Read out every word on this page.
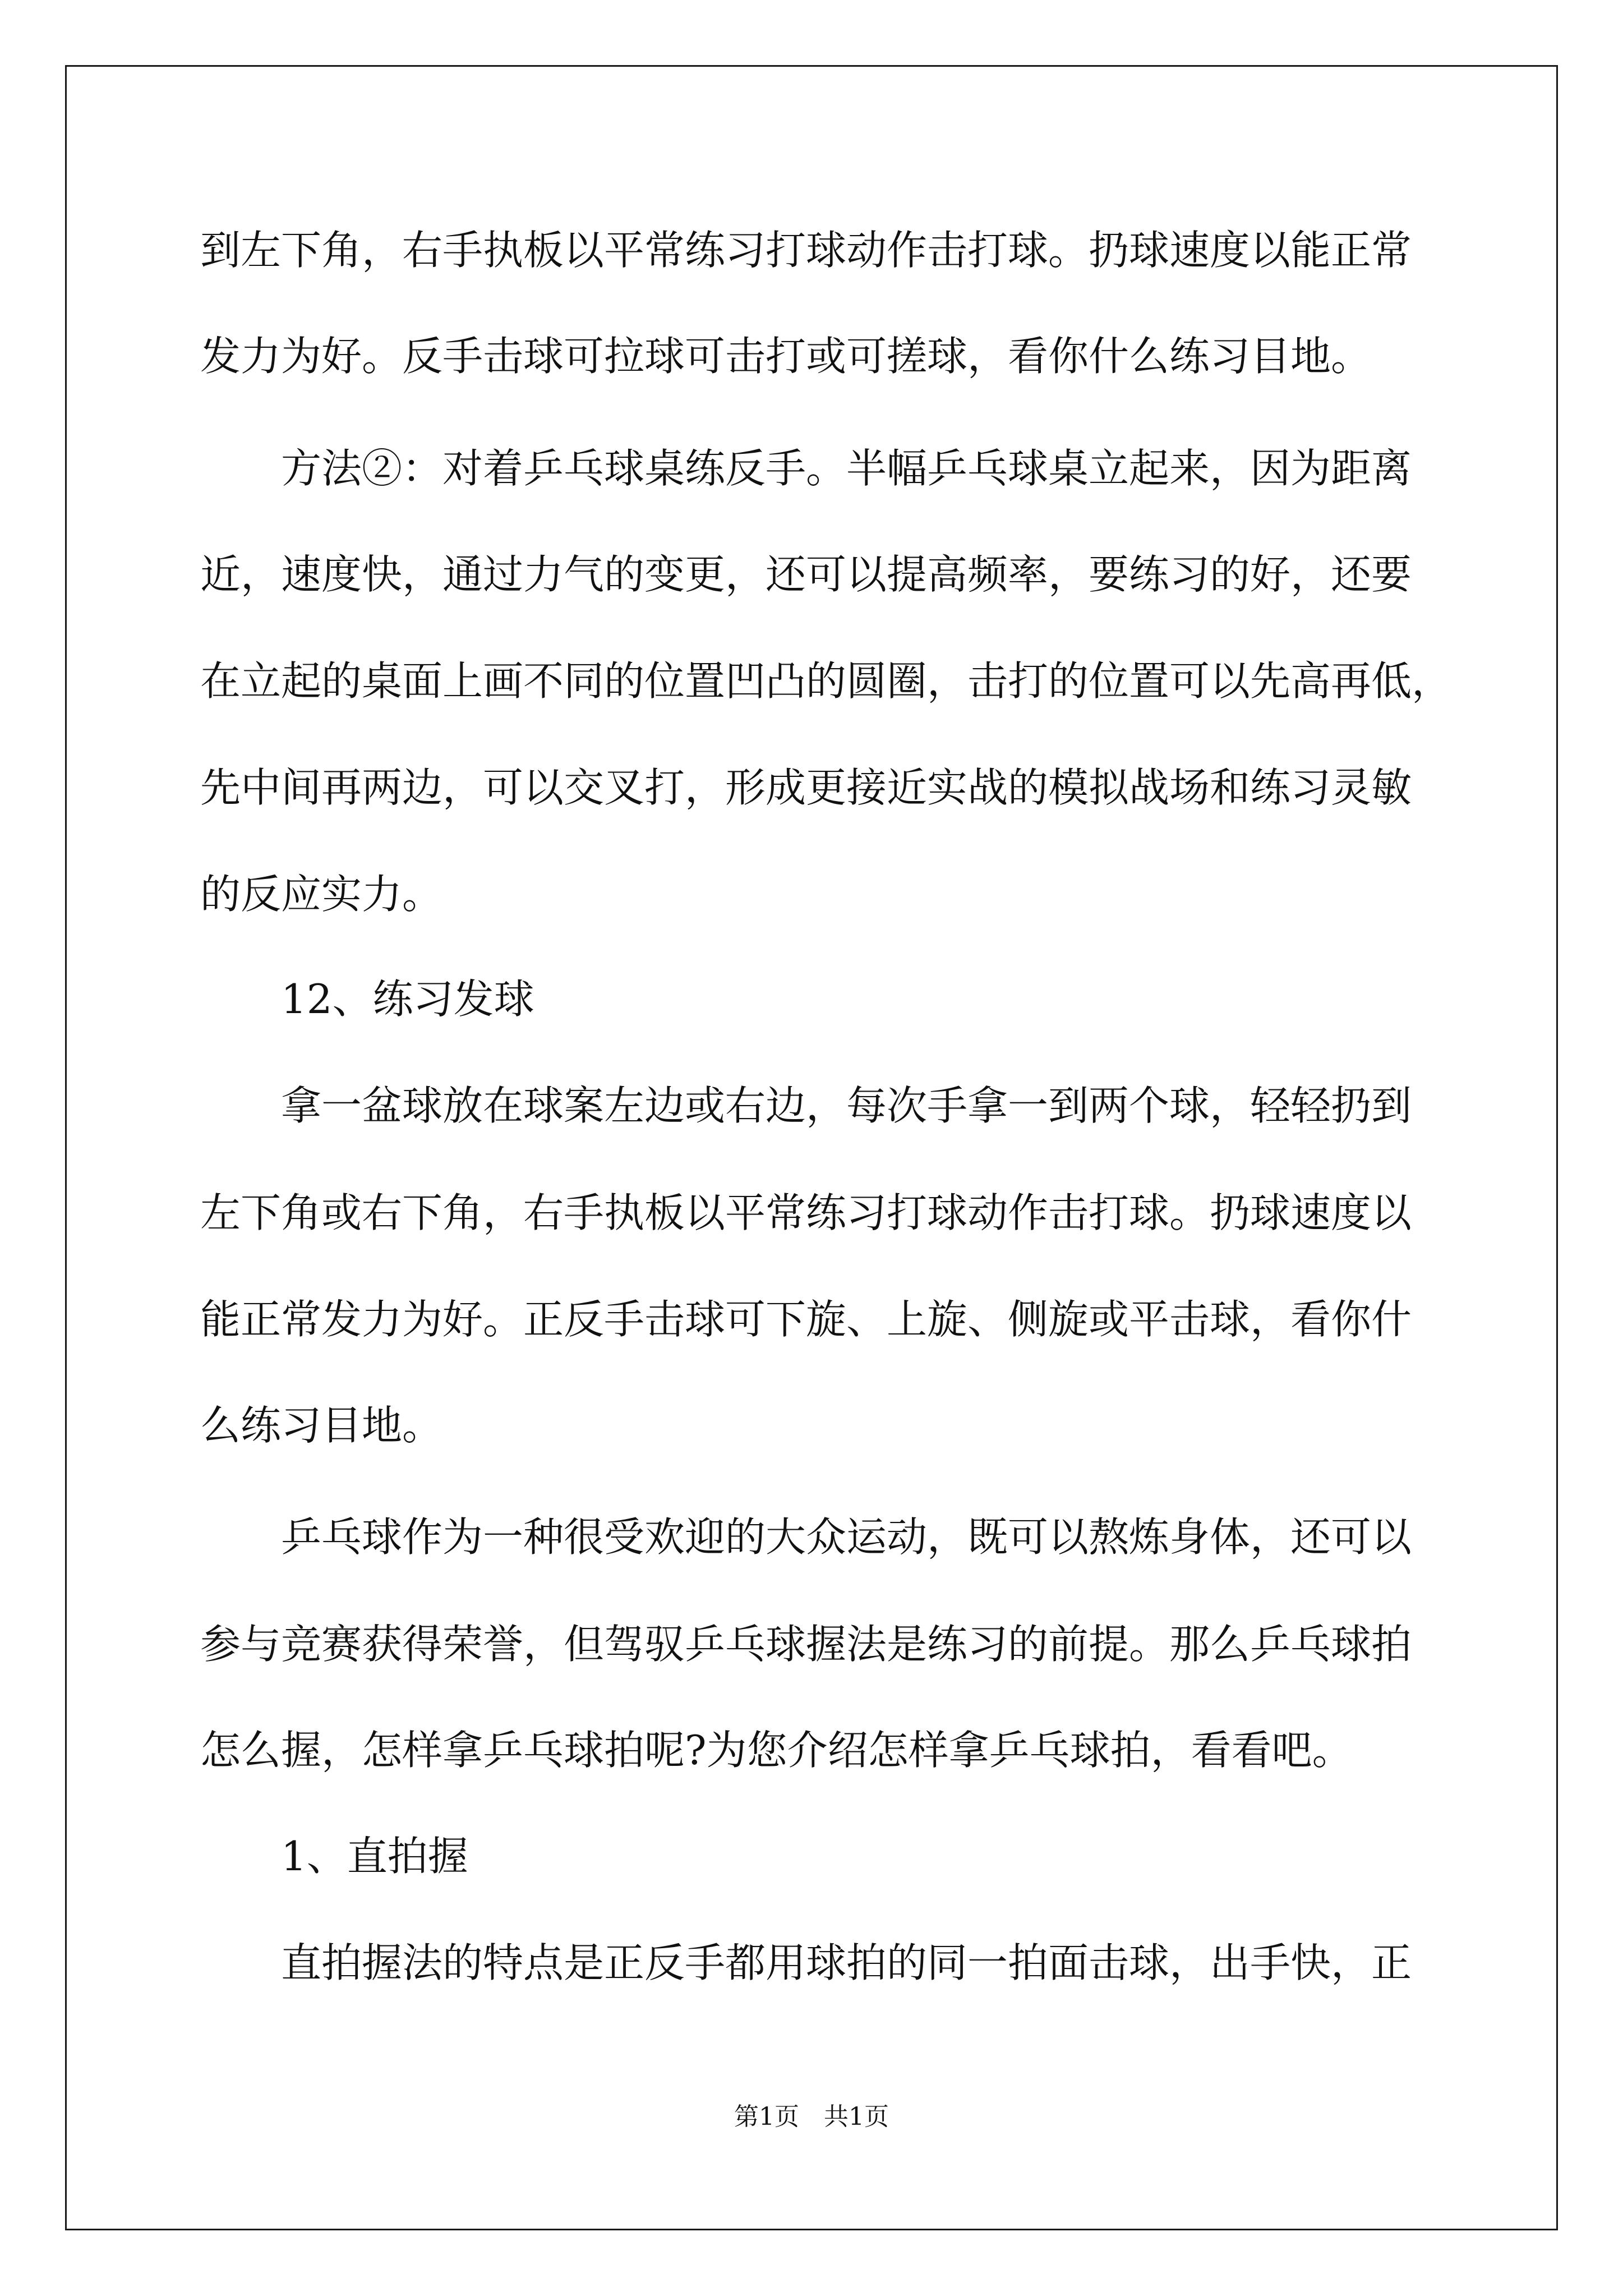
到左下角，右手执板以平常练习打球动作击打球。扔球速度以能正常
发力为好。反手击球可拉球可击打或可搓球，看你什么练习目地。
方法②：对着乒乓球桌练反手。半幅乒乓球桌立起来，因为距离
近，速度快，通过力气的变更，还可以提高频率，要练习的好，还要
在立起的桌面上画不同的位置凹凸的圆圈，击打的位置可以先高再低，
先中间再两边，可以交叉打，形成更接近实战的模拟战场和练习灵敏
的反应实力。
12、练习发球
拿一盆球放在球案左边或右边，每次手拿一到两个球，轻轻扔到
左下角或右下角，右手执板以平常练习打球动作击打球。扔球速度以
能正常发力为好。正反手击球可下旋、上旋、侧旋或平击球，看你什
么练习目地。
乒乓球作为一种很受欢迎的大众运动，既可以熬炼身体，还可以
参与竞赛获得荣誉，但驾驭乒乓球握法是练习的前提。那么乒乓球拍
怎么握，怎样拿乒乓球拍呢?为您介绍怎样拿乒乓球拍，看看吧。
1、直拍握
直拍握法的特点是正反手都用球拍的同一拍面击球，出手快，正
第1页　共1页
